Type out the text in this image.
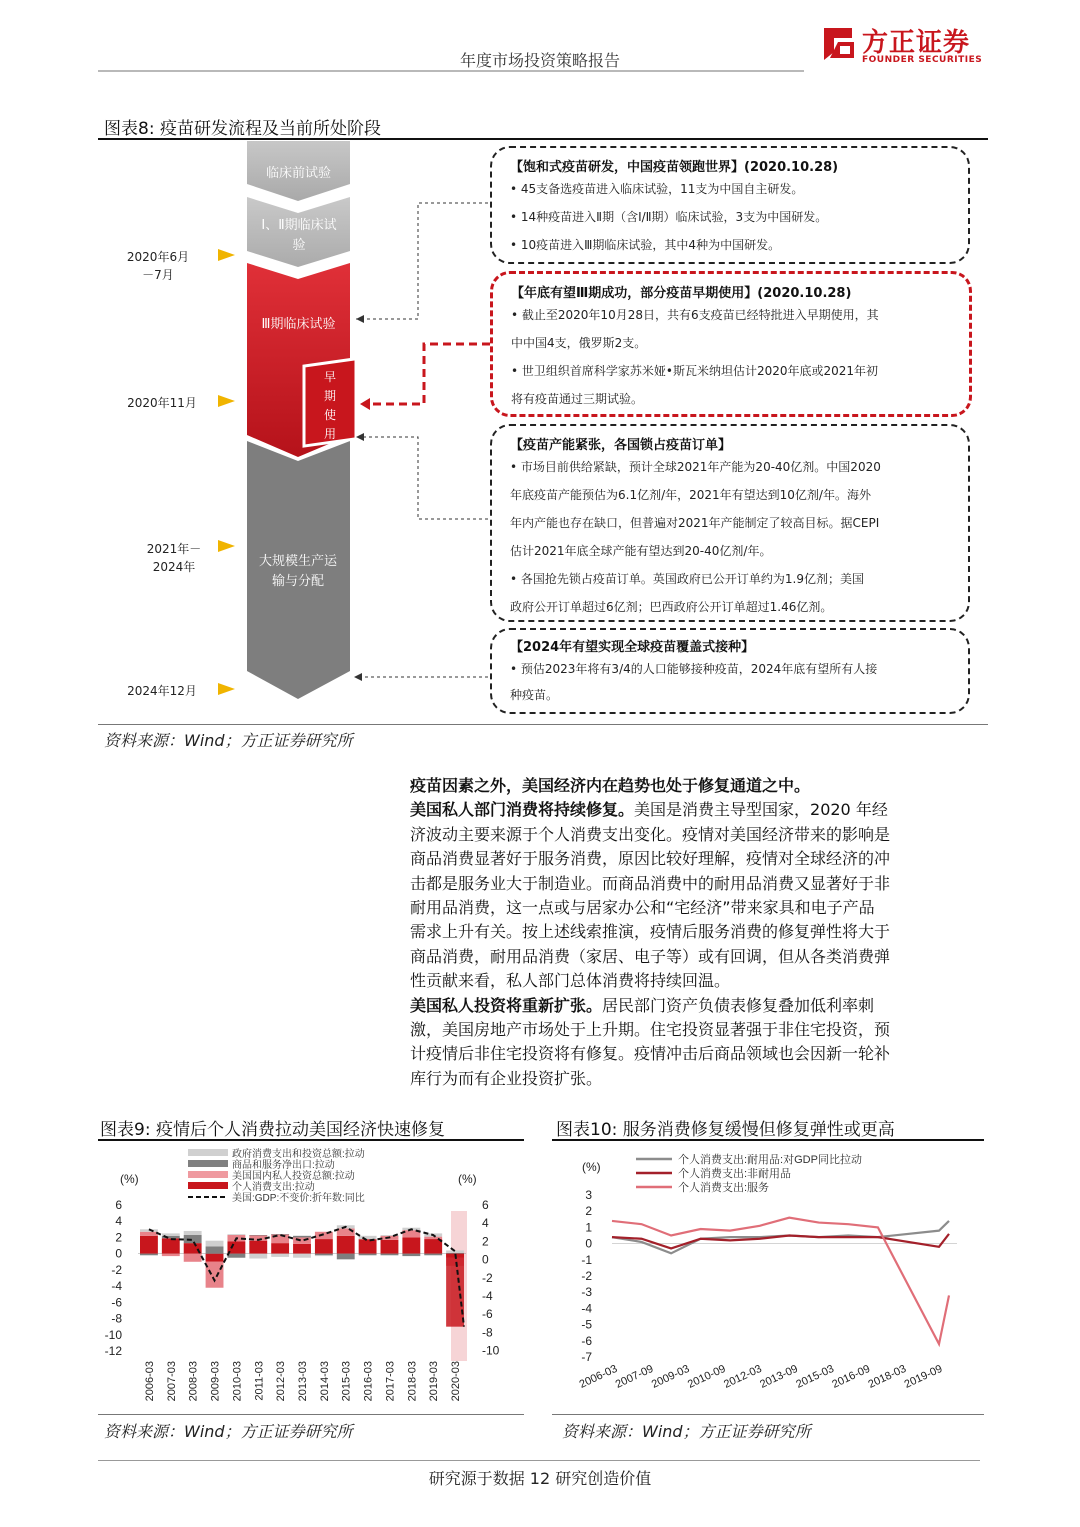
年度市场投资策略报告
方正证券
FOUNDER SECURITIES
图表8: 疫苗研发流程及当前所处阶段
临床前试验
Ⅰ、Ⅱ期临床试验
Ⅲ期临床试验
早期使用
大规模生产运输与分配
2020年6月－7月
2020年11月
2021年－2024年
2024年12月
【饱和式疫苗研发，中国疫苗领跑世界】(2020.10.28)
• 45支备选疫苗进入临床试验，11支为中国自主研发。
• 14种疫苗进入Ⅱ期（含Ⅰ/Ⅱ期）临床试验，3支为中国研发。
• 10疫苗进入Ⅲ期临床试验，其中4种为中国研发。
【年底有望Ⅲ期成功，部分疫苗早期使用】(2020.10.28)
• 截止至2020年10月28日，共有6支疫苗已经特批进入早期使用，其
中中国4支，俄罗斯2支。
• 世卫组织首席科学家苏米娅•斯瓦米纳坦估计2020年底或2021年初
将有疫苗通过三期试验。
【疫苗产能紧张，各国锁占疫苗订单】
• 市场目前供给紧缺，预计全球2021年产能为20-40亿剂。中国2020
年底疫苗产能预估为6.1亿剂/年，2021年有望达到10亿剂/年。海外
年内产能也存在缺口，但普遍对2021年产能制定了较高目标。据CEPI
估计2021年底全球产能有望达到20-40亿剂/年。
• 各国抢先锁占疫苗订单。英国政府已公开订单约为1.9亿剂；美国
政府公开订单超过6亿剂；巴西政府公开订单超过1.46亿剂。
【2024年有望实现全球疫苗覆盖式接种】
• 预估2023年将有3/4的人口能够接种疫苗，2024年底有望所有人接
种疫苗。
资料来源：Wind；方正证券研究所
疫苗因素之外，美国经济内在趋势也处于修复通道之中。
美国私人部门消费将持续修复。美国是消费主导型国家，2020 年经
济波动主要来源于个人消费支出变化。疫情对美国经济带来的影响是
商品消费显著好于服务消费，原因比较好理解，疫情对全球经济的冲
击都是服务业大于制造业。而商品消费中的耐用品消费又显著好于非
耐用品消费，这一点或与居家办公和“宅经济”带来家具和电子产品
需求上升有关。按上述线索推演，疫情后服务消费的修复弹性将大于
商品消费，耐用品消费（家居、电子等）或有回调，但从各类消费弹
性贡献来看，私人部门总体消费将持续回温。
美国私人投资将重新扩张。居民部门资产负债表修复叠加低利率刺
激，美国房地产市场处于上升期。住宅投资显著强于非住宅投资，预
计疫情后非住宅投资将有修复。疫情冲击后商品领域也会因新一轮补
库行为而有企业投资扩张。
图表9: 疫情后个人消费拉动美国经济快速修复
政府消费支出和投资总额:拉动
商品和服务净出口:拉动
美国国内私人投资总额:拉动
个人消费支出:拉动
美国:GDP:不变价:折年数:同比
(%)	(%)
6
4
2
0
-2
-4
-6
-8
-10
-12
6
4
2
0
-2
-4
-6
-8
-10
2006-03 2007-03 2008-03 2009-03 2010-03 2011-03 2012-03 2013-03 2014-03 2015-03 2016-03 2017-03 2018-03 2019-03 2020-03
资料来源：Wind；方正证券研究所
图表10: 服务消费修复缓慢但修复弹性或更高
(%)	个人消费支出:耐用品:对GDP同比拉动
个人消费支出:非耐用品
个人消费支出:服务
3
2
1
0
-1
-2
-3
-4
-5
-6
-7
2006-03
2007-09
2009-03
2010-09
2012-03
2013-09
2015-03
2016-09
2018-03
2019-09
资料来源：Wind；方正证券研究所
研究源于数据 12 研究创造价值
